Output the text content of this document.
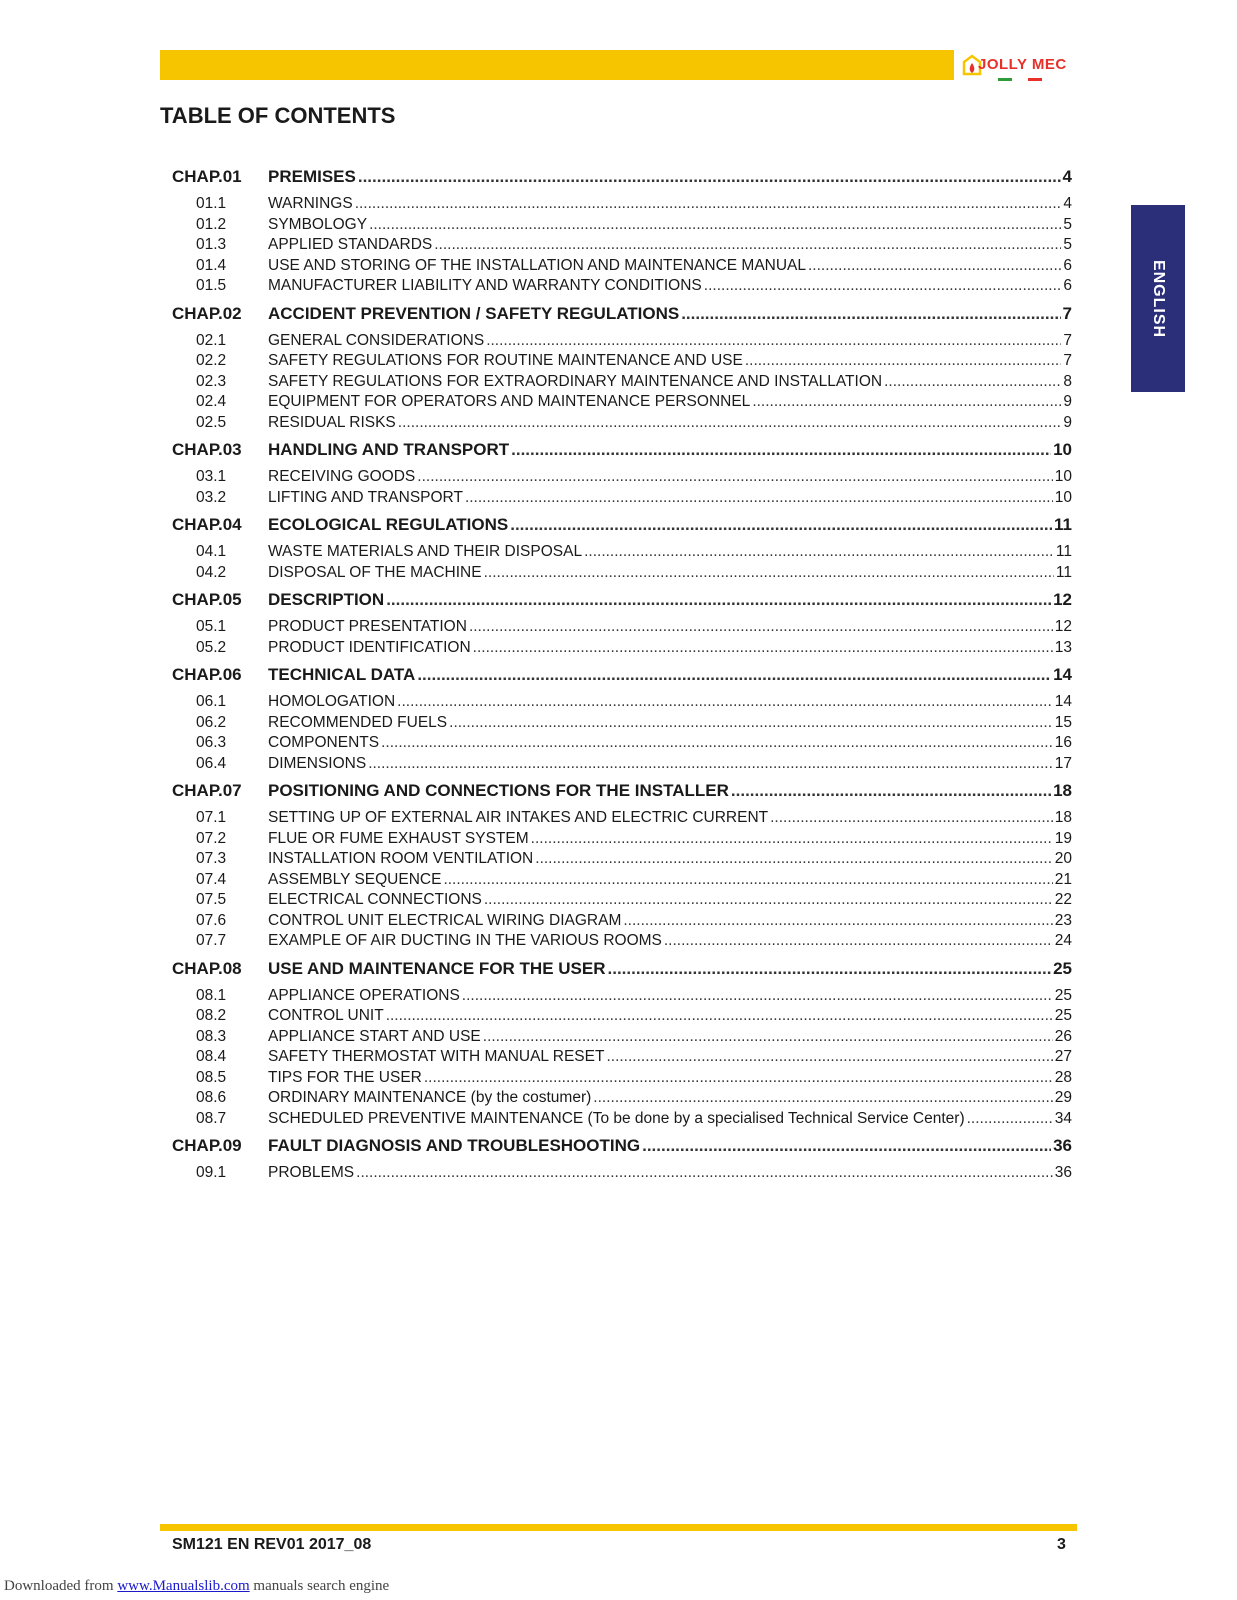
JOLLY MEC
TABLE OF CONTENTS
ENGLISH
CHAP.01	PREMISES .....	4
01.1	WARNINGS .....	4
01.2	SYMBOLOGY .....	5
01.3	APPLIED STANDARDS .....	5
01.4	USE AND STORING OF THE INSTALLATION AND MAINTENANCE MANUAL .....	6
01.5	MANUFACTURER LIABILITY AND WARRANTY CONDITIONS .....	6
CHAP.02	ACCIDENT PREVENTION / SAFETY REGULATIONS .....	7
02.1	GENERAL CONSIDERATIONS .....	7
02.2	SAFETY REGULATIONS FOR ROUTINE MAINTENANCE AND USE .....	7
02.3	SAFETY REGULATIONS FOR EXTRAORDINARY MAINTENANCE AND INSTALLATION .....	8
02.4	EQUIPMENT FOR OPERATORS AND MAINTENANCE PERSONNEL .....	9
02.5	RESIDUAL RISKS .....	9
CHAP.03	HANDLING AND TRANSPORT .....	10
03.1	RECEIVING GOODS .....	10
03.2	LIFTING AND TRANSPORT .....	10
CHAP.04	ECOLOGICAL REGULATIONS .....	11
04.1	WASTE MATERIALS AND THEIR DISPOSAL .....	11
04.2	DISPOSAL OF THE MACHINE .....	11
CHAP.05	DESCRIPTION .....	12
05.1	PRODUCT PRESENTATION .....	12
05.2	PRODUCT IDENTIFICATION .....	13
CHAP.06	TECHNICAL DATA .....	14
06.1	HOMOLOGATION .....	14
06.2	RECOMMENDED FUELS .....	15
06.3	COMPONENTS .....	16
06.4	DIMENSIONS .....	17
CHAP.07	POSITIONING AND CONNECTIONS FOR THE INSTALLER .....	18
07.1	SETTING UP OF EXTERNAL AIR INTAKES AND ELECTRIC CURRENT .....	18
07.2	FLUE OR FUME EXHAUST SYSTEM .....	19
07.3	INSTALLATION ROOM VENTILATION .....	20
07.4	ASSEMBLY SEQUENCE .....	21
07.5	ELECTRICAL CONNECTIONS .....	22
07.6	CONTROL UNIT ELECTRICAL WIRING DIAGRAM .....	23
07.7	EXAMPLE OF AIR DUCTING IN THE VARIOUS ROOMS .....	24
CHAP.08	USE AND MAINTENANCE FOR THE USER .....	25
08.1	APPLIANCE OPERATIONS .....	25
08.2	CONTROL UNIT .....	25
08.3	APPLIANCE START AND USE .....	26
08.4	SAFETY THERMOSTAT WITH MANUAL RESET .....	27
08.5	TIPS FOR THE USER .....	28
08.6	ORDINARY MAINTENANCE (by the costumer) .....	29
08.7	SCHEDULED PREVENTIVE MAINTENANCE (To be done by a specialised Technical Service Center) .....	34
CHAP.09	FAULT DIAGNOSIS AND TROUBLESHOOTING .....	36
09.1	PROBLEMS .....	36
SM121 EN REV01 2017_08	3
Downloaded from www.Manualslib.com manuals search engine
